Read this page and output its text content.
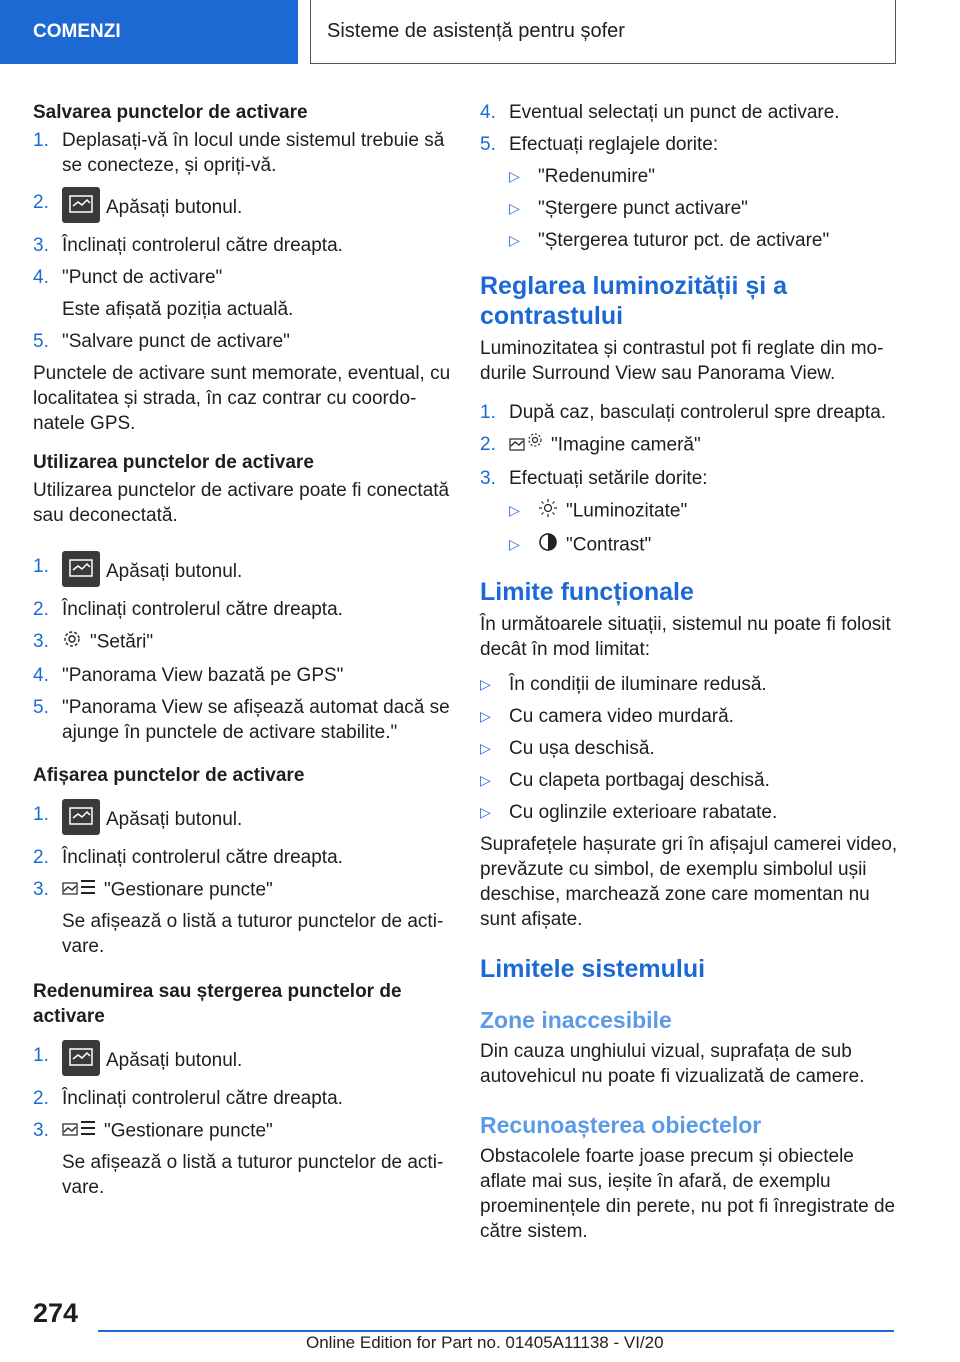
COMENZI	Sisteme de asistență pentru șofer
Salvarea punctelor de activare
1. Deplasați-vă în locul unde sistemul trebuie să se conecteze, și opriți-vă.
2.	Apăsați butonul.
3. Înclinați controlerul către dreapta.
4. "Punct de activare"
Este afișată poziția actuală.
5. "Salvare punct de activare"
Punctele de activare sunt memorate, eventual, cu localitatea și strada, în caz contrar cu coordonatele GPS.
Utilizarea punctelor de activare
Utilizarea punctelor de activare poate fi conectată sau deconectată.
1.	Apăsați butonul.
2. Înclinați controlerul către dreapta.
3. "Setări"
4. "Panorama View bazată pe GPS"
5. "Panorama View se afișează automat dacă se ajunge în punctele de activare stabilite."
Afișarea punctelor de activare
1.	Apăsați butonul.
2. Înclinați controlerul către dreapta.
3.	"Gestionare puncte"
Se afișează o listă a tuturor punctelor de activare.
Redenumirea sau ștergerea punctelor de activare
1.	Apăsați butonul.
2. Înclinați controlerul către dreapta.
3.	"Gestionare puncte"
Se afișează o listă a tuturor punctelor de activare.
4. Eventual selectați un punct de activare.
5. Efectuați reglajele dorite:
▷ "Redenumire"
▷ "Ștergere punct activare"
▷ "Ștergerea tuturor pct. de activare"
Reglarea luminozității și a contrastului
Luminozitatea și contrastul pot fi reglate din modurile Surround View sau Panorama View.
1. După caz, basculați controlerul spre dreapta.
2.	"Imagine cameră"
3. Efectuați setările dorite:
▷ "Luminozitate"
▷ "Contrast"
Limite funcționale
În următoarele situații, sistemul nu poate fi folosit decât în mod limitat:
▷ În condiții de iluminare redusă.
▷ Cu camera video murdară.
▷ Cu ușa deschisă.
▷ Cu clapeta portbagaj deschisă.
▷ Cu oglinzile exterioare rabatate.
Suprafețele hașurate gri în afișajul camerei video, prevăzute cu simbol, de exemplu simbolul ușii deschise, marchează zone care momentan nu sunt afișate.
Limitele sistemului
Zone inaccesibile
Din cauza unghiului vizual, suprafața de sub autovehicul nu poate fi vizualizată de camere.
Recunoașterea obiectelor
Obstacolele foarte joase precum și obiectele aflate mai sus, ieșite în afară, de exemplu proeminențele din perete, nu pot fi înregistrate de către sistem.
274
Online Edition for Part no. 01405A11138 - VI/20
